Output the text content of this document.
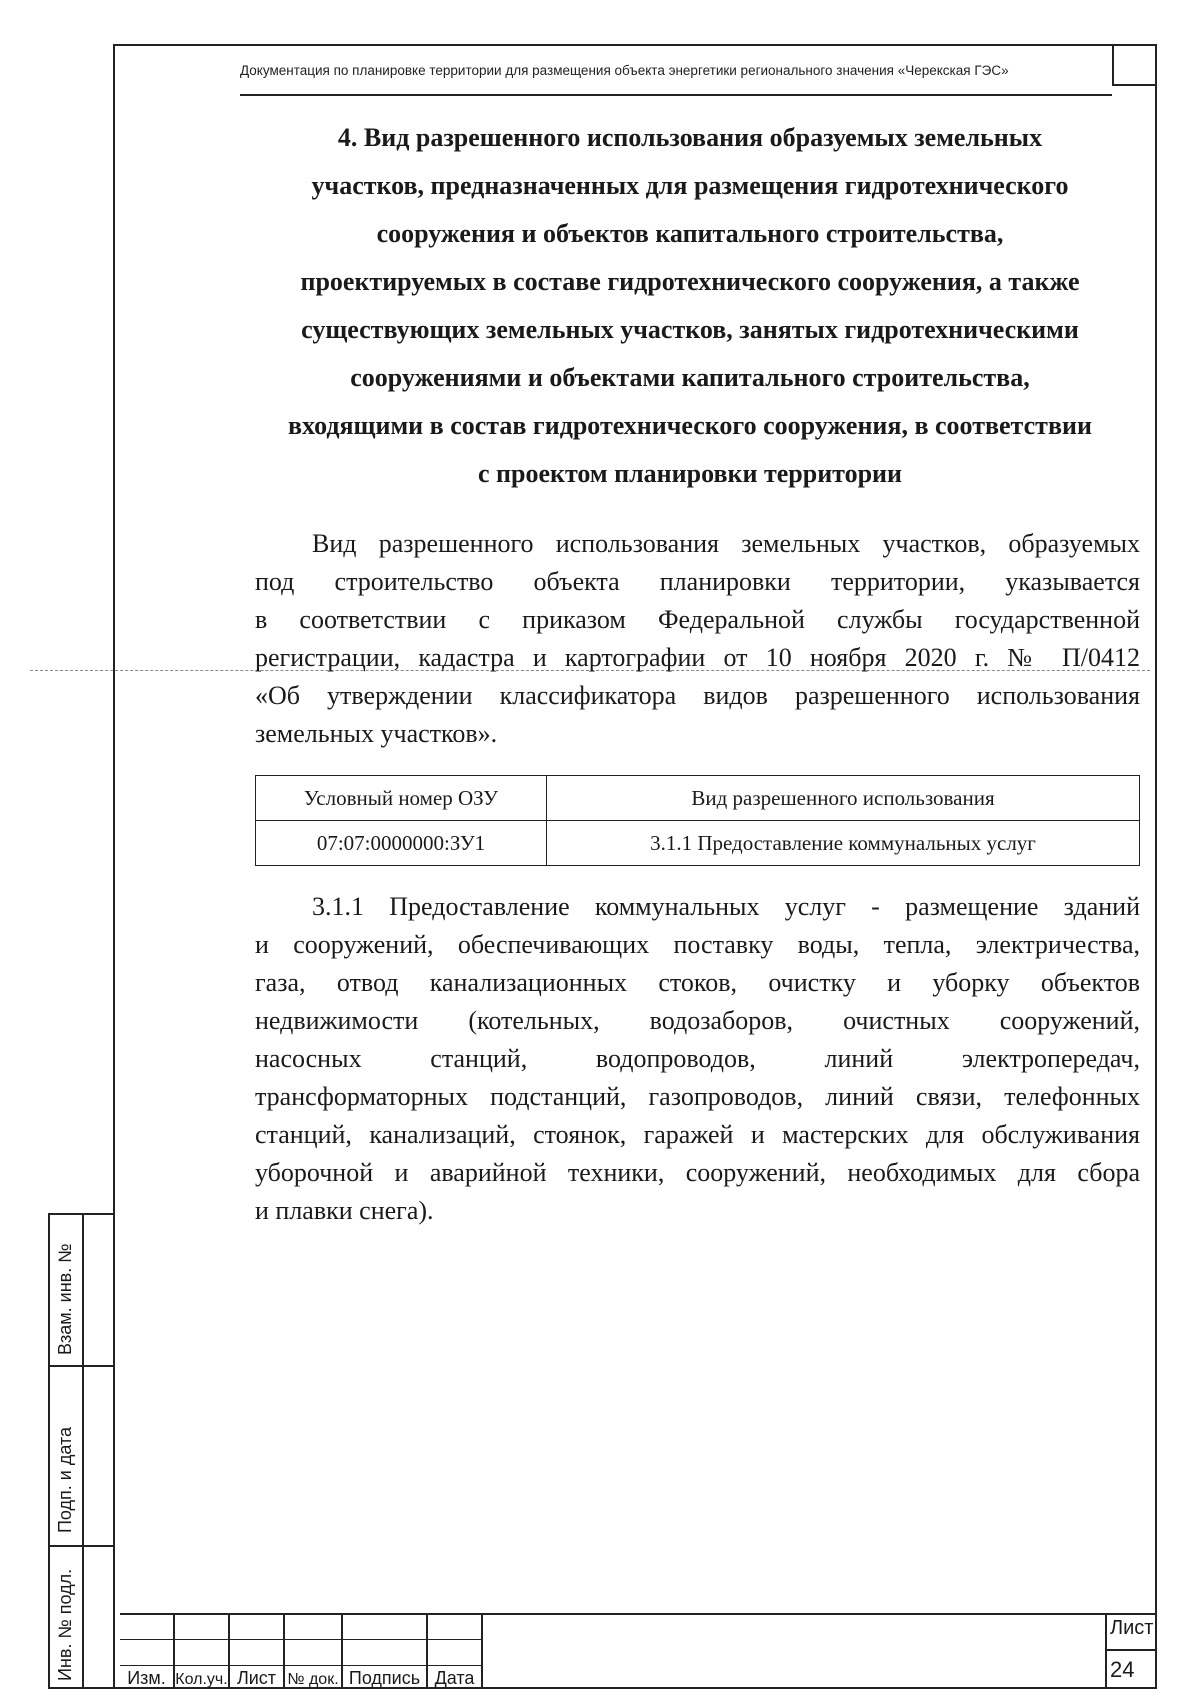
Документация по планировке территории для размещения объекта энергетики регионального значения «Черекская ГЭС»
4. Вид разрешенного использования образуемых земельных
участков, предназначенных для размещения гидротехнического
сооружения и объектов капитального строительства,
проектируемых в составе гидротехнического сооружения, а также
существующих земельных участков, занятых гидротехническими
сооружениями и объектами капитального строительства,
входящими в состав гидротехнического сооружения, в соответствии
с проектом планировки территории
Вид разрешенного использования земельных участков, образуемых
под строительство объекта планировки территории, указывается
в соответствии с приказом Федеральной службы государственной
регистрации, кадастра и картографии от 10 ноября 2020 г. № П/0412
«Об утверждении классификатора видов разрешенного использования
земельных участков».
Условный номер ОЗУ	Вид разрешенного использования
07:07:0000000:ЗУ1	3.1.1 Предоставление коммунальных услуг
3.1.1 Предоставление коммунальных услуг - размещение зданий
и сооружений, обеспечивающих поставку воды, тепла, электричества,
газа, отвод канализационных стоков, очистку и уборку объектов
недвижимости (котельных, водозаборов, очистных сооружений,
насосных станций, водопроводов, линий электропередач,
трансформаторных подстанций, газопроводов, линий связи, телефонных
станций, канализаций, стоянок, гаражей и мастерских для обслуживания
уборочной и аварийной техники, сооружений, необходимых для сбора
и плавки снега).
Взам. инв. №
Подп. и дата
Инв. № подл.	Изм. Кол.уч. Лист № док. Подпись Дата
Лист
24
